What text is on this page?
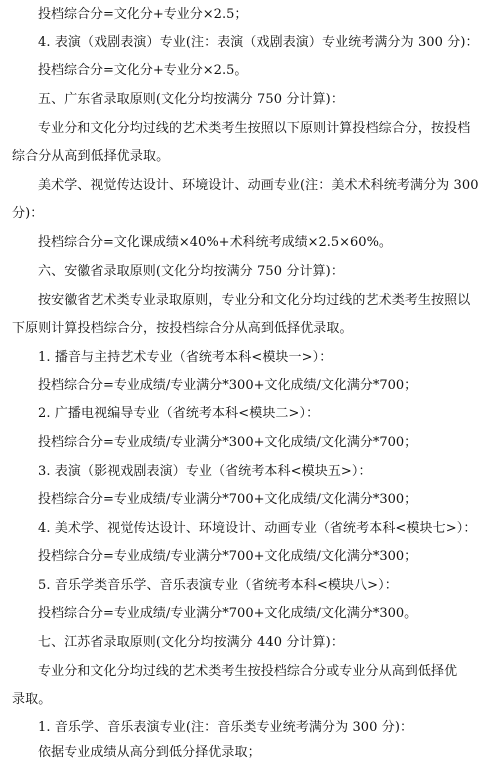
投档综合分=文化分+专业分×2.5；
4. 表演（戏剧表演）专业(注：表演（戏剧表演）专业统考满分为 300 分)：
投档综合分=文化分+专业分×2.5。
五、广东省录取原则(文化分均按满分 750 分计算)：
专业分和文化分均过线的艺术类考生按照以下原则计算投档综合分，按投档
综合分从高到低择优录取。
美术学、视觉传达设计、环境设计、动画专业(注：美术术科统考满分为 300
分)：
投档综合分=文化课成绩×40%+术科统考成绩×2.5×60%。
六、安徽省录取原则(文化分均按满分 750 分计算)：
按安徽省艺术类专业录取原则，专业分和文化分均过线的艺术类考生按照以
下原则计算投档综合分，按投档综合分从高到低择优录取。
1. 播音与主持艺术专业（省统考本科<模块一>）：
投档综合分=专业成绩/专业满分*300+文化成绩/文化满分*700；
2. 广播电视编导专业（省统考本科<模块二>）：
投档综合分=专业成绩/专业满分*300+文化成绩/文化满分*700；
3. 表演（影视戏剧表演）专业（省统考本科<模块五>）：
投档综合分=专业成绩/专业满分*700+文化成绩/文化满分*300；
4. 美术学、视觉传达设计、环境设计、动画专业（省统考本科<模块七>）：
投档综合分=专业成绩/专业满分*700+文化成绩/文化满分*300；
5. 音乐学类音乐学、音乐表演专业（省统考本科<模块八>）：
投档综合分=专业成绩/专业满分*700+文化成绩/文化满分*300。
七、江苏省录取原则(文化分均按满分 440 分计算)：
专业分和文化分均过线的艺术类考生按投档综合分或专业分从高到低择优
录取。
1. 音乐学、音乐表演专业(注：音乐类专业统考满分为 300 分)：
依据专业成绩从高分到低分择优录取；
